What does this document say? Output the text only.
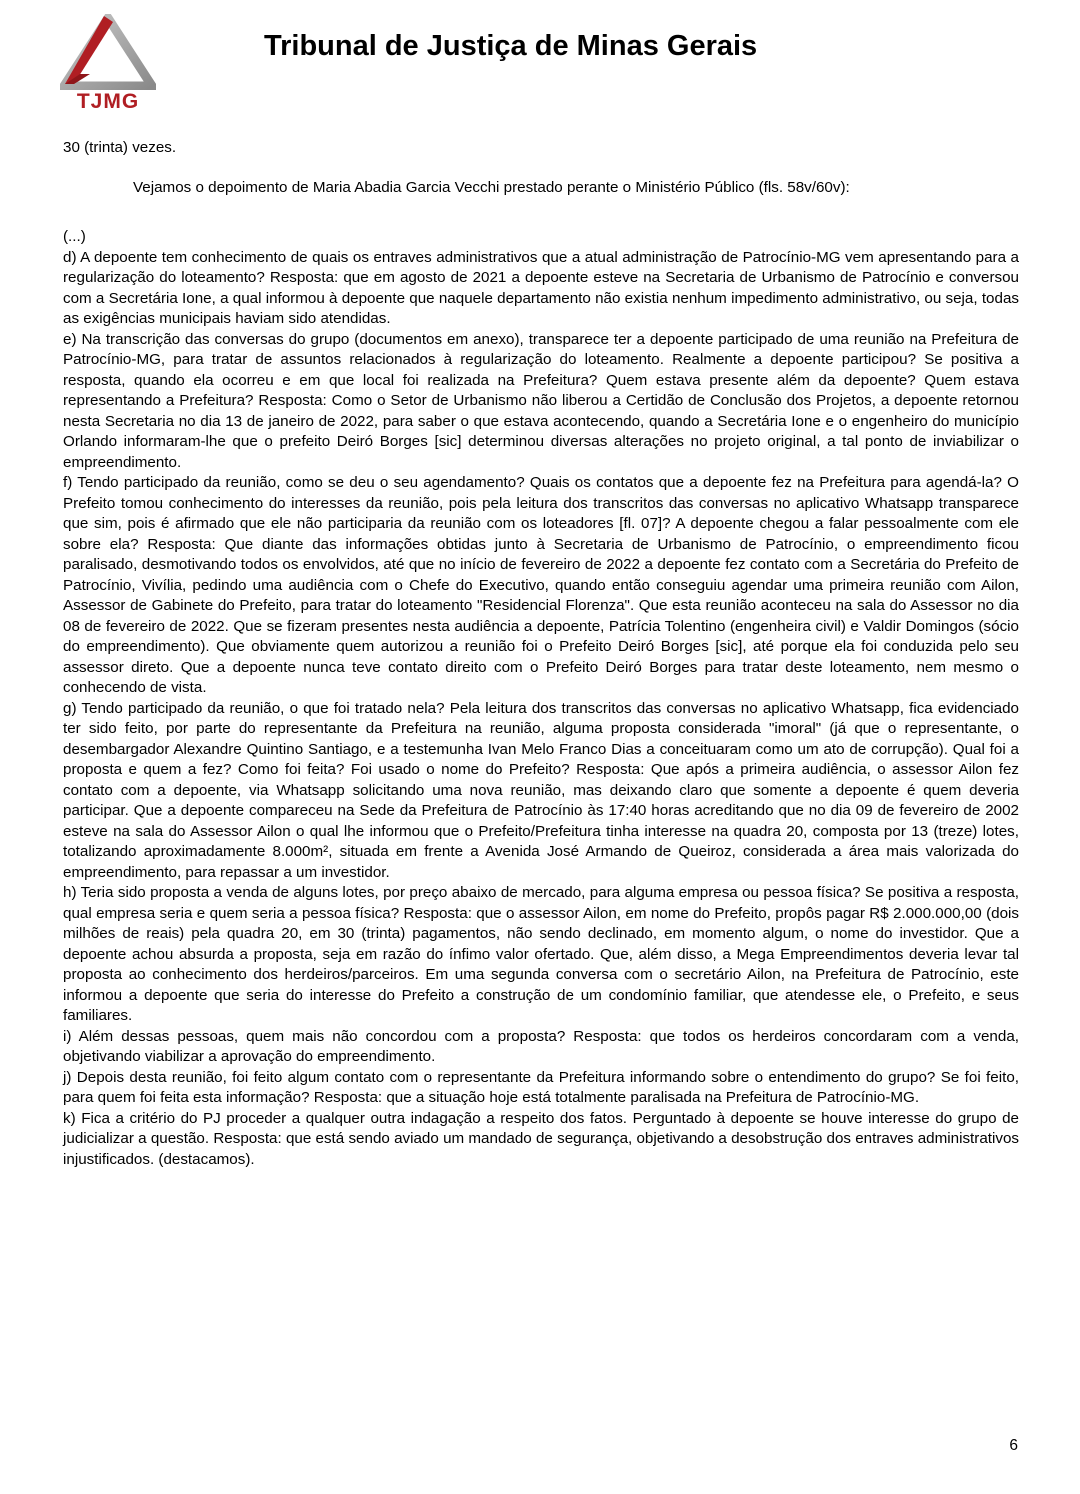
TJMG
Tribunal de Justiça de Minas Gerais

30 (trinta) vezes.

Vejamos o depoimento de Maria Abadia Garcia Vecchi prestado perante o Ministério Público (fls. 58v/60v):

(...)

d) A depoente tem conhecimento de quais os entraves administrativos que a atual administração de Patrocínio-MG vem apresentando para a regularização do loteamento? Resposta: que em agosto de 2021 a depoente esteve na Secretaria de Urbanismo de Patrocínio e conversou com a Secretária Ione, a qual informou à depoente que naquele departamento não existia nenhum impedimento administrativo, ou seja, todas as exigências municipais haviam sido atendidas.

e) Na transcrição das conversas do grupo (documentos em anexo), transparece ter a depoente participado de uma reunião na Prefeitura de Patrocínio-MG, para tratar de assuntos relacionados à regularização do loteamento. Realmente a depoente participou? Se positiva a resposta, quando ela ocorreu e em que local foi realizada na Prefeitura? Quem estava presente além da depoente? Quem estava representando a Prefeitura? Resposta: Como o Setor de Urbanismo não liberou a Certidão de Conclusão dos Projetos, a depoente retornou nesta Secretaria no dia 13 de janeiro de 2022, para saber o que estava acontecendo, quando a Secretária Ione e o engenheiro do município Orlando informaram-lhe que o prefeito Deiró Borges [sic] determinou diversas alterações no projeto original, a tal ponto de inviabilizar o empreendimento.

f) Tendo participado da reunião, como se deu o seu agendamento? Quais os contatos que a depoente fez na Prefeitura para agendá-la? O Prefeito tomou conhecimento do interesses da reunião, pois pela leitura dos transcritos das conversas no aplicativo Whatsapp transparece que sim, pois é afirmado que ele não participaria da reunião com os loteadores [fl. 07]? A depoente chegou a falar pessoalmente com ele sobre ela? Resposta: Que diante das informações obtidas junto à Secretaria de Urbanismo de Patrocínio, o empreendimento ficou paralisado, desmotivando todos os envolvidos, até que no início de fevereiro de 2022 a depoente fez contato com a Secretária do Prefeito de Patrocínio, Vivília, pedindo uma audiência com o Chefe do Executivo, quando então conseguiu agendar uma primeira reunião com Ailon, Assessor de Gabinete do Prefeito, para tratar do loteamento "Residencial Florenza". Que esta reunião aconteceu na sala do Assessor no dia 08 de fevereiro de 2022. Que se fizeram presentes nesta audiência a depoente, Patrícia Tolentino (engenheira civil) e Valdir Domingos (sócio do empreendimento). Que obviamente quem autorizou a reunião foi o Prefeito Deiró Borges [sic], até porque ela foi conduzida pelo seu assessor direto. Que a depoente nunca teve contato direito com o Prefeito Deiró Borges para tratar deste loteamento, nem mesmo o conhecendo de vista.

g) Tendo participado da reunião, o que foi tratado nela? Pela leitura dos transcritos das conversas no aplicativo Whatsapp, fica evidenciado ter sido feito, por parte do representante da Prefeitura na reunião, alguma proposta considerada "imoral" (já que o representante, o desembargador Alexandre Quintino Santiago, e a testemunha Ivan Melo Franco Dias a conceituaram como um ato de corrupção). Qual foi a proposta e quem a fez? Como foi feita? Foi usado o nome do Prefeito? Resposta: Que após a primeira audiência, o assessor Ailon fez contato com a depoente, via Whatsapp solicitando uma nova reunião, mas deixando claro que somente a depoente é quem deveria participar. Que a depoente compareceu na Sede da Prefeitura de Patrocínio às 17:40 horas acreditando que no dia 09 de fevereiro de 2002 esteve na sala do Assessor Ailon o qual lhe informou que o Prefeito/Prefeitura tinha interesse na quadra 20, composta por 13 (treze) lotes, totalizando aproximadamente 8.000m², situada em frente a Avenida José Armando de Queiroz, considerada a área mais valorizada do empreendimento, para repassar a um investidor.

h) Teria sido proposta a venda de alguns lotes, por preço abaixo de mercado, para alguma empresa ou pessoa física? Se positiva a resposta, qual empresa seria e quem seria a pessoa física? Resposta: que o assessor Ailon, em nome do Prefeito, propôs pagar R$ 2.000.000,00 (dois milhões de reais) pela quadra 20, em 30 (trinta) pagamentos, não sendo declinado, em momento algum, o nome do investidor. Que a depoente achou absurda a proposta, seja em razão do ínfimo valor ofertado. Que, além disso, a Mega Empreendimentos deveria levar tal proposta ao conhecimento dos herdeiros/parceiros. Em uma segunda conversa com o secretário Ailon, na Prefeitura de Patrocínio, este informou a depoente que seria do interesse do Prefeito a construção de um condomínio familiar, que atendesse ele, o Prefeito, e seus familiares.

i) Além dessas pessoas, quem mais não concordou com a proposta? Resposta: que todos os herdeiros concordaram com a venda, objetivando viabilizar a aprovação do empreendimento.

j) Depois desta reunião, foi feito algum contato com o representante da Prefeitura informando sobre o entendimento do grupo? Se foi feito, para quem foi feita esta informação? Resposta: que a situação hoje está totalmente paralisada na Prefeitura de Patrocínio-MG.

k) Fica a critério do PJ proceder a qualquer outra indagação a respeito dos fatos. Perguntado à depoente se houve interesse do grupo de judicializar a questão. Resposta: que está sendo aviado um mandado de segurança, objetivando a desobstrução dos entraves administrativos injustificados. (destacamos).

6
